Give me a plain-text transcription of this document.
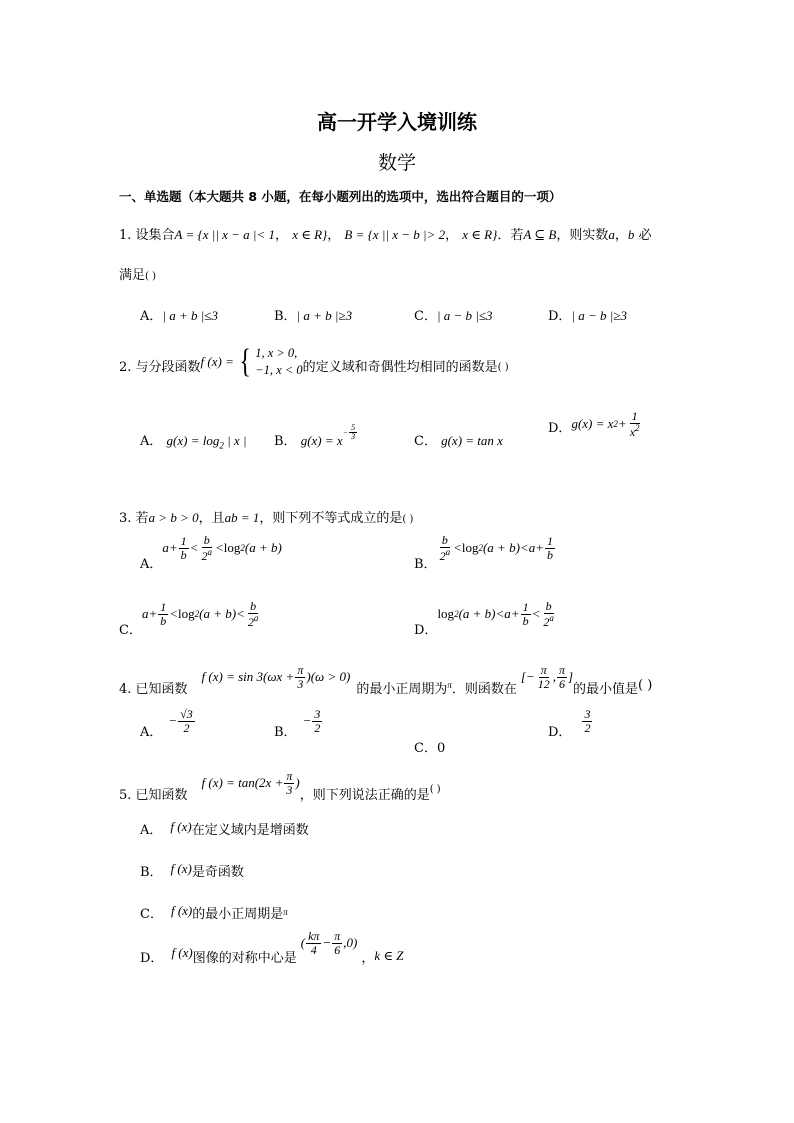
高一开学入境训练
数学
一、单选题（本大题共 8 小题，在每小题列出的选项中，选出符合题目的一项）
1. 设集合A = {x || x − a |< 1， x ∈ R}， B = {x || x − b |> 2， x ∈ R}．若A ⊆ B，则实数a，b 必
满足( )
A．| a + b |≤3	B．| a + b |≥3	C．| a − b |≤3	D．| a − b |≥3
2. 与分段函数 f (x) = { 1, x > 0,
−1, x < 0 的定义域和奇偶性均相同的函数是 ( )
A． $g(x) = \log_2$ | x | B． g(x) = x
− $\frac{5}{3}$
C． g(x) = tan x
D． g(x) = x $2 + \frac{1}{x^2}$
3. 若a > b > 0，且ab = 1，则下列不等式成立的是( )
A．
$a + \frac{1}{b} < \frac{b}{2^a} < \log 2$ (a + b)
B．
$\frac{b}{2^a} < \log 2$ $(a + b) < a + \frac{1}{b}$
C．
$a + \frac{1}{b} < \log 2$ $(a + b) < \frac{b}{2^a}$
D．
log 2 $(a + b) < a + \frac{1}{b} < \frac{b}{2^a}$
4. 已知函数
f $(x) = \sin 3(\omega x + \frac{\pi}{3} )(\omega > 0)$
的最小正周期为 π ．则函数在
[− $\frac{\pi}{12}$ , $\frac{\pi}{6}$ ]
的最小值是 ( )
A．
− $\frac{√3}{2}$	B．
− $\frac{3}{2}$
C．0
D． $\frac{3}{2}$
5. 已知函数
f $(x) = \tan(2x + \frac{\pi}{3}$ )
，则下列说法正确的是 ( )
A． f (x)在定义域内是增函数
B． f (x)是奇函数
C． f (x)的最小正周期是$^\pi$
D． f (x) 图像的对称中心是
( $\frac{k\pi}{4} - \frac{\pi}{6} ,0$)
， k ∈ Z
